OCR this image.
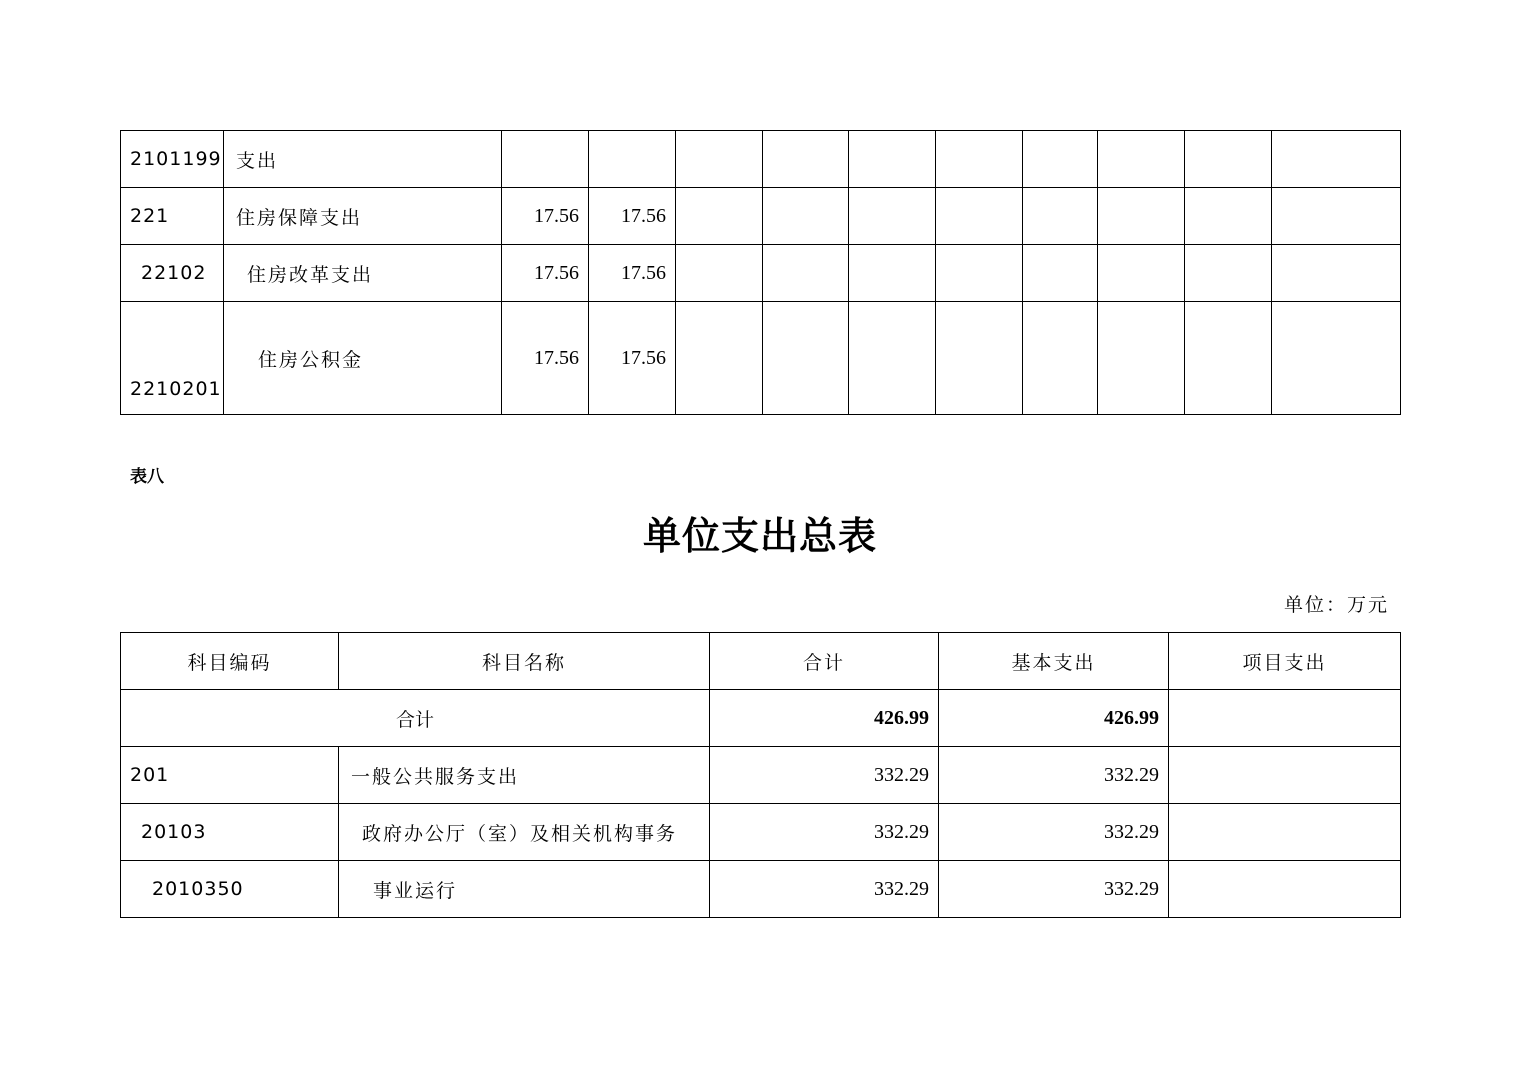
2101199	支出										
221	住房保障支出	17.56	17.56								
22102	住房改革支出	17.56	17.56								
2210201	住房公积金	17.56	17.56								
表八
单位支出总表
单位：万元
科目编码	科目名称	合计	基本支出	项目支出
合计		426.99	426.99	
201	一般公共服务支出	332.29	332.29	
20103	政府办公厅（室）及相关机构事务	332.29	332.29	
2010350	事业运行	332.29	332.29	
